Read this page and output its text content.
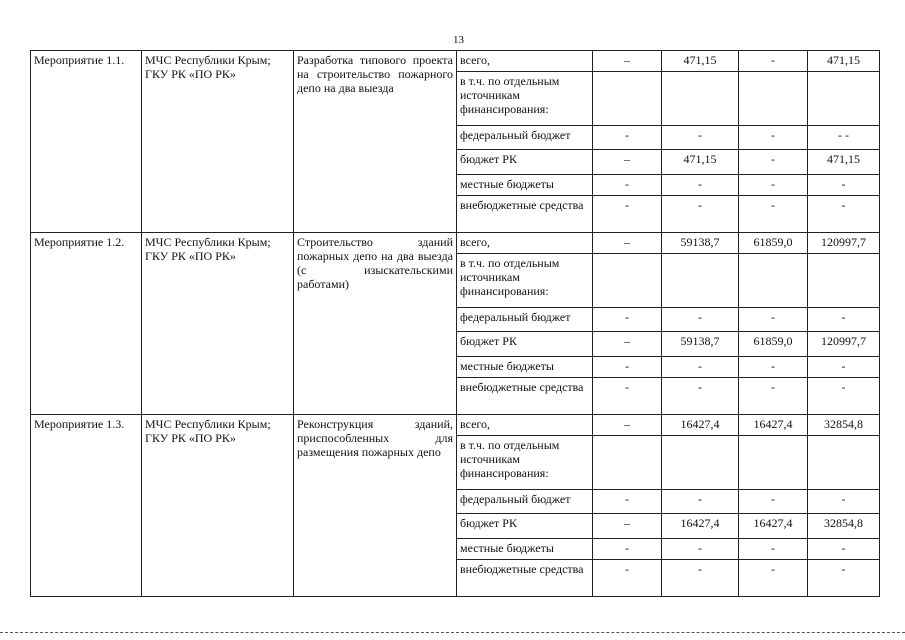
13
Мероприятие 1.1.	МЧС Республики Крым; ГКУ РК «ПО РК»	Разработка типового проекта на строительство пожарного депо на два выезда	всего,	–	471,15	-	471,15
			в т.ч. по отдельным источникам финансирования:				
			федеральный бюджет	-	-	-	- -
			бюджет РК	–	471,15	-	471,15
			местные бюджеты	-	-	-	-
			внебюджетные средства	-	-	-	-
Мероприятие 1.2.	МЧС Республики Крым; ГКУ РК «ПО РК»	Строительство зданий пожарных депо на два выезда (с изыскательскими работами)	всего,	–	59138,7	61859,0	120997,7
			в т.ч. по отдельным источникам финансирования:				
			федеральный бюджет	-	-	-	-
			бюджет РК	–	59138,7	61859,0	120997,7
			местные бюджеты	-	-	-	-
			внебюджетные средства	-	-	-	-
Мероприятие 1.3.	МЧС Республики Крым; ГКУ РК «ПО РК»	Реконструкция зданий, приспособленных для размещения пожарных депо	всего,	–	16427,4	16427,4	32854,8
			в т.ч. по отдельным источникам финансирования:				
			федеральный бюджет	-	-	-	-
			бюджет РК	–	16427,4	16427,4	32854,8
			местные бюджеты	-	-	-	-
			внебюджетные средства	-	-	-	-
